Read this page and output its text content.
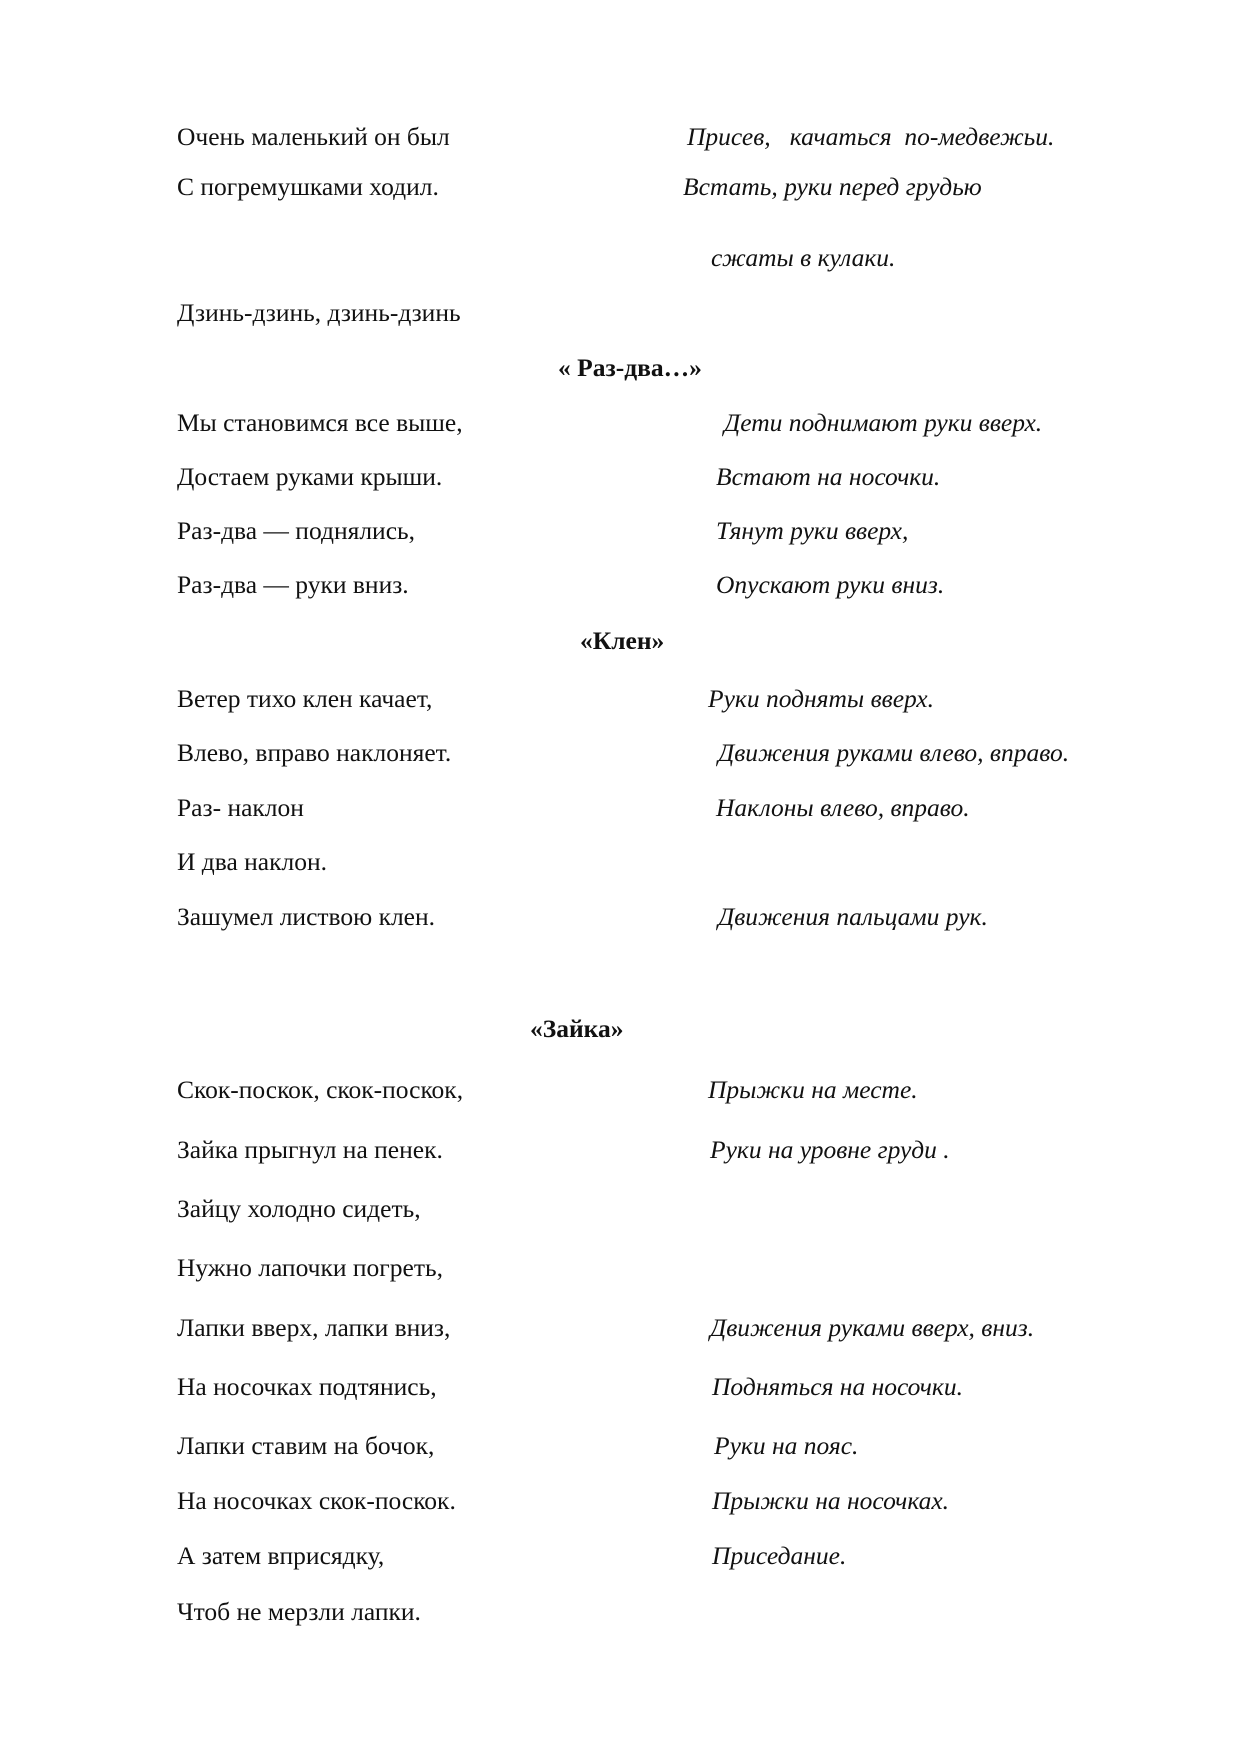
Очень маленький он был	Присев,   качаться  по-медвежьи.
С погремушками ходил.	Встать, руки перед грудью
сжаты в кулаки.
Дзинь-дзинь, дзинь-дзинь
« Раз-два…»
Мы становимся все выше,	Дети поднимают руки вверх.
Достаем руками крыши.	Встают на носочки.
Раз-два — поднялись,	Тянут руки вверх,
Раз-два — руки вниз.	Опускают руки вниз.
«Клен»
Ветер тихо клен качает,	Руки подняты вверх.
Влево, вправо наклоняет.	Движения руками влево, вправо.
Раз- наклон	Наклоны влево, вправо.
И два наклон.
Зашумел листвою клен.	Движения пальцами рук.
«Зайка»
Скок-поскок, скок-поскок,	Прыжки на месте.
Зайка прыгнул на пенек.	Руки на уровне груди .
Зайцу холодно сидеть,
Нужно лапочки погреть,
Лапки вверх, лапки вниз,	Движения руками вверх, вниз.
На носочках подтянись,	Подняться на носочки.
Лапки ставим на бочок,	Руки на пояс.
На носочках скок-поскок.	Прыжки на носочках.
А затем вприсядку,	Приседание.
Чтоб не мерзли лапки.
